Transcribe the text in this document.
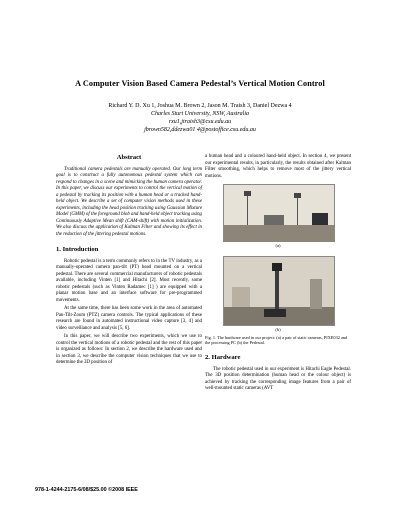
A Computer Vision Based Camera Pedestal’s Vertical Motion Control
Richard Y. D. Xu 1, Joshua M. Brown 2, Jason M. Traish 3, Daniel Dezwa 4
Charles Sturt University, NSW, Australia
rxu1,jtraish3@csu.edu.au
jbrown582,ddezwa01 4@postoffice.csu.edu.au
Abstract

Traditional camera pedestals are manually operated. Our long term goal is to construct a fully autonomous pedestal system which can respond to changes in a scene and mimicking the human camera operator. In this paper, we discuss our experiments to control the vertical motion of a pedestal by tracking its position with a human head or a tracked hand-held object. We describe a set of computer vision methods used in these experiments, including the head position tracking using Gaussian Mixture Model (GMM) of the foreground blob and hand-held object tracking using Continuously Adaptive Mean shift (CAM-shift) with motion initialization. We also discuss the application of Kalman Filter and showing its effect in the reduction of the jittering pedestal motions.

1. Introduction

Robotic pedestal is a term commonly refers to in the TV industry, as a manually-operated camera pan-tilt (PT) head mounted on a vertical pedestal. There are several commercial manufacturers of robotic pedestals available, including Vinten [1] and Hitachi [2]. Most recently, some robotic pedestals (such as Vinten Radamec [1] ) are equipped with a planar motion base and an interface software for pre-programmed movements.

At the same time, there has been some work in the area of automated Pan-Tilt-Zoom (PTZ) camera controls. The typical applications of these research are found in automated instructional video capture [3, 4] and video surveillance and analysis [5, 6].

In this paper, we will describe two experiments, which we use to control the vertical motions of a robotic pedestal and the rest of this paper is organized as follows: In section 2, we describe the hardware used and in section 3, we describe the computer vision techniques that we use to determine the 3D position of

a human head and a coloured hand-held object. In section 4, we present our experimental results, in particularly, the results obtained after Kalman Filter smoothing, which helps to remove most of the jittery vertical motions.

(a)
(b)

Fig. 1. The hardware used in our project: (a) a pair of static cameras, PIXE032 and the processing PC (b) the Pedestal.

2. Hardware

The robotic pedestal used in our experiment is Hitachi Eagle Pedestal. The 3D position determination (human head or the colour object) is achieved by tracking the corresponding image features from a pair of well-mounted static cameras (AVT

978-1-4244-2175-6/08/$25.00 ©2008 IEEE
